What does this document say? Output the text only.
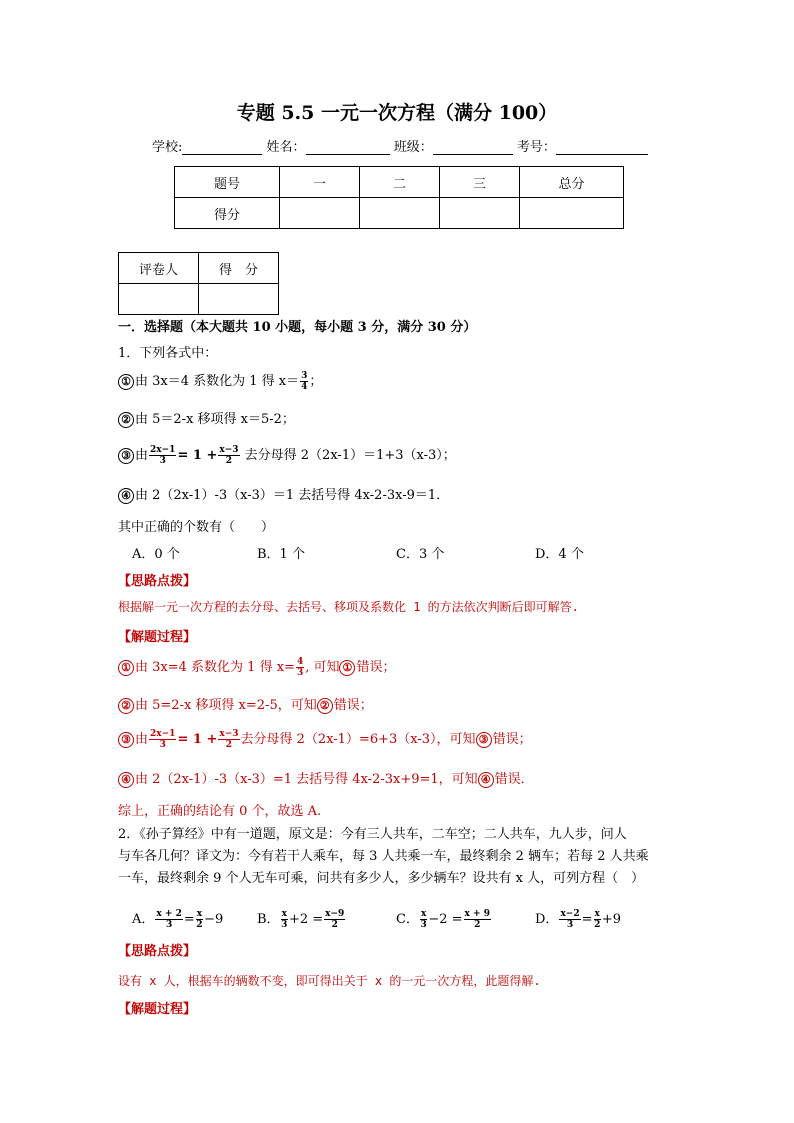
专题 5.5 一元一次方程（满分 100）
学校:	姓名：	班级：	考号：
题号	一	二	三	总分
得分				
评卷人	得　分

一．选择题（本大题共 10 小题，每小题 3 分，满分 30 分）
1．下列各式中：
① 由 3x＝4 系数化为 1 得 $x= \frac{3}{4}$ ；
② 由 5＝2-x 移项得 x＝5-2；
③ 由 $\frac{2x-1}{3} = 1 + \frac{x-3}{2}$ 去分母得 2（2x-1）＝1+3（x-3）；
④ 由 2（2x-1）-3（x-3）＝1 去括号得 4x-2-3x-9＝1．
其中正确的个数有（　　）
A．0 个	B．1 个	C．3 个	D．4 个
【思路点拨】
根据解一元一次方程的去分母、去括号、移项及系数化 1 的方法依次判断后即可解答.
【解题过程】
① 由 3x=4 系数化为 1 得 $x= \frac{4}{3}$ , 可知 ① 错误；
② 由 5=2-x 移项得 x=2-5，可知 ② 错误；
③ 由 $\frac{2x-1}{3} = 1 + \frac{x-3}{2}$ 去分母得 2（2x-1）=6+3（x-3），可知 ③ 错误；
④ 由 2（2x-1）-3（x-3）=1 去括号得 4x-2-3x+9=1，可知 ④ 错误．
综上，正确的结论有 0 个，故选 A.
2．《孙子算经》中有一道题，原文是：今有三人共车，二车空；二人共车，九人步，问人
与车各几何？译文为：今有若干人乘车，每 3 人共乘一车，最终剩余 2 辆车；若每 2 人共乘
一车，最终剩余 9 个人无车可乘，问共有多少人，多少辆车？设共有 x 人，可列方程（　）
A． $\frac{x + 2}{3} = \frac{x}{2} -9$	B． $\frac{x}{3} +2 = \frac{x-9}{2}$	C． $\frac{x}{3} -2 = \frac{x + 9}{2}$	D． $\frac{x-2}{3} = \frac{x}{2} +9$
【思路点拨】
设有 x 人，根据车的辆数不变，即可得出关于 x 的一元一次方程，此题得解.
【解题过程】
